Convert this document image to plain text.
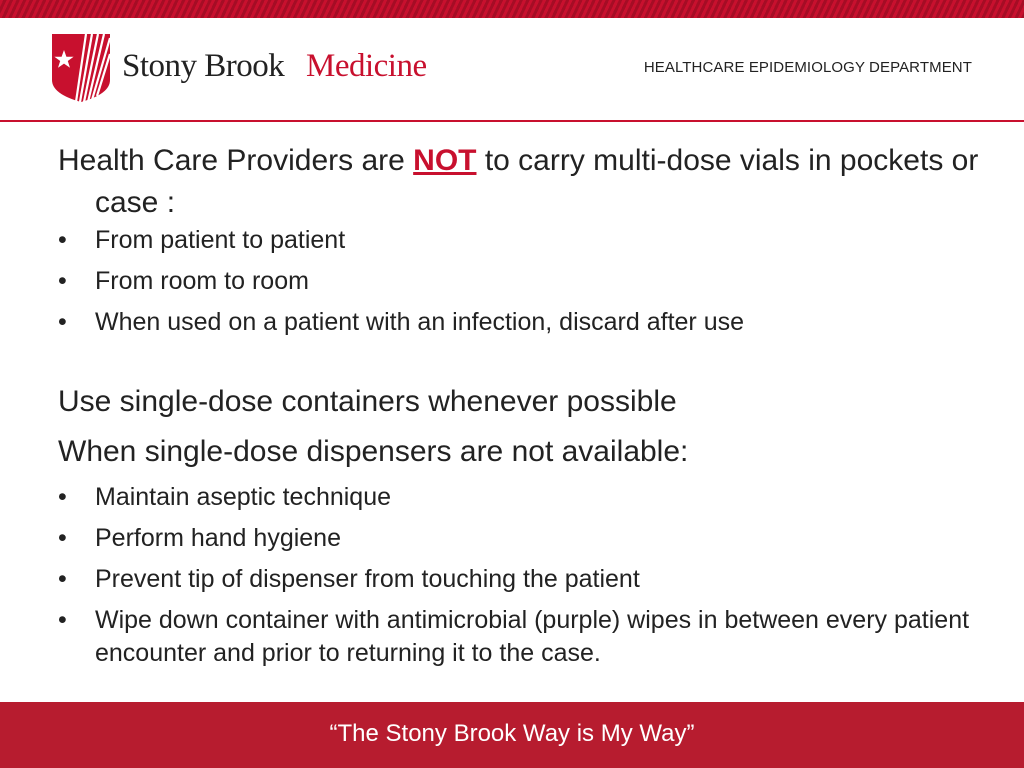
Stony Brook Medicine	HEALTHCARE EPIDEMIOLOGY DEPARTMENT

Health Care Providers are NOT to carry multi-dose vials in pockets or case :

• From patient to patient
• From room to room
• When used on a patient with an infection, discard after use

Use single-dose containers whenever possible

When single-dose dispensers are not available:

• Maintain aseptic technique
• Perform hand hygiene
• Prevent tip of dispenser from touching the patient
• Wipe down container with antimicrobial (purple) wipes in between every patient encounter and prior to returning it to the case.
“The Stony Brook Way is My Way”
